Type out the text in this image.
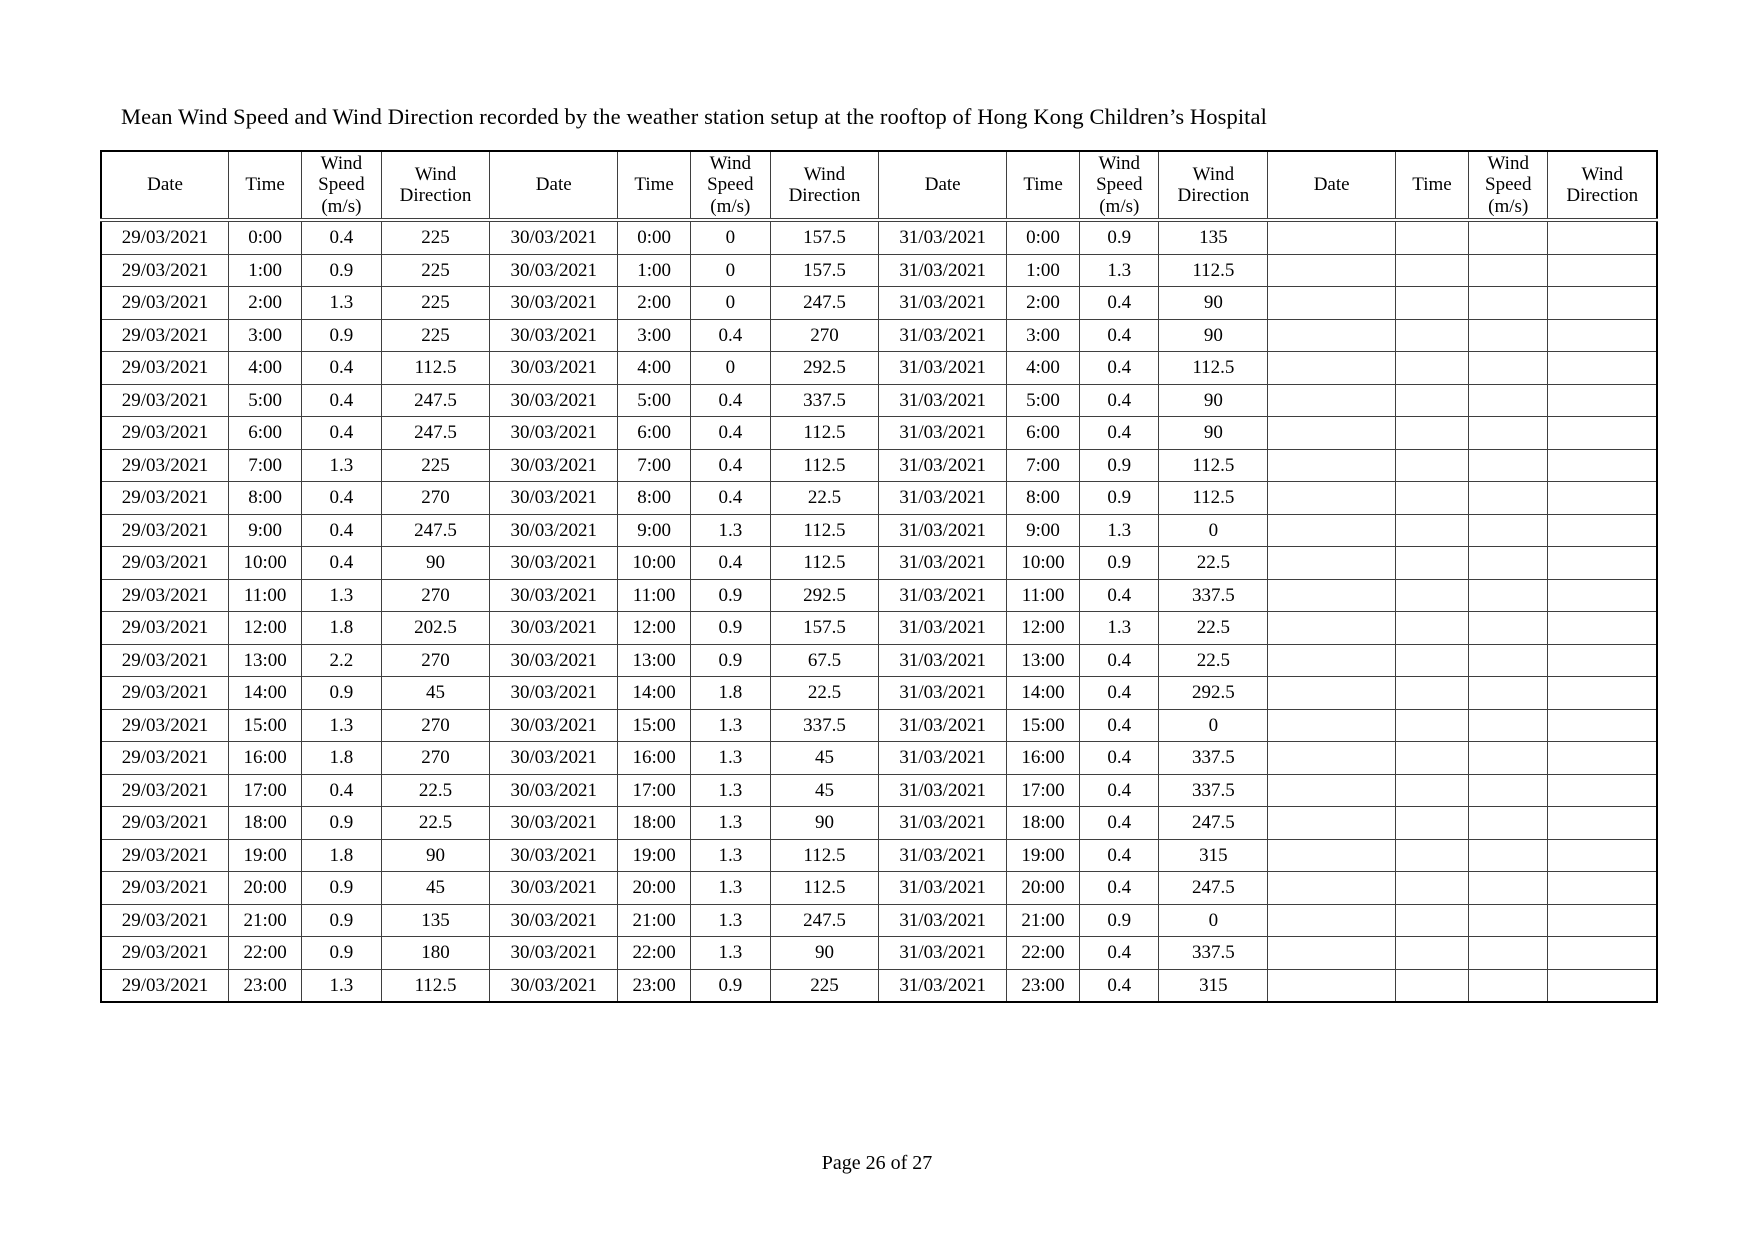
Mean Wind Speed and Wind Direction recorded by the weather station setup at the rooftop of Hong Kong Children’s Hospital
Date	Time	Wind Speed (m/s)	Wind Direction	Date	Time	Wind Speed (m/s)	Wind Direction	Date	Time	Wind Speed (m/s)	Wind Direction	Date	Time	Wind Speed (m/s)	Wind Direction
29/03/2021	0:00	0.4	225	30/03/2021	0:00	0	157.5	31/03/2021	0:00	0.9	135				
29/03/2021	1:00	0.9	225	30/03/2021	1:00	0	157.5	31/03/2021	1:00	1.3	112.5				
29/03/2021	2:00	1.3	225	30/03/2021	2:00	0	247.5	31/03/2021	2:00	0.4	90				
29/03/2021	3:00	0.9	225	30/03/2021	3:00	0.4	270	31/03/2021	3:00	0.4	90				
29/03/2021	4:00	0.4	112.5	30/03/2021	4:00	0	292.5	31/03/2021	4:00	0.4	112.5				
29/03/2021	5:00	0.4	247.5	30/03/2021	5:00	0.4	337.5	31/03/2021	5:00	0.4	90				
29/03/2021	6:00	0.4	247.5	30/03/2021	6:00	0.4	112.5	31/03/2021	6:00	0.4	90				
29/03/2021	7:00	1.3	225	30/03/2021	7:00	0.4	112.5	31/03/2021	7:00	0.9	112.5				
29/03/2021	8:00	0.4	270	30/03/2021	8:00	0.4	22.5	31/03/2021	8:00	0.9	112.5				
29/03/2021	9:00	0.4	247.5	30/03/2021	9:00	1.3	112.5	31/03/2021	9:00	1.3	0				
29/03/2021	10:00	0.4	90	30/03/2021	10:00	0.4	112.5	31/03/2021	10:00	0.9	22.5				
29/03/2021	11:00	1.3	270	30/03/2021	11:00	0.9	292.5	31/03/2021	11:00	0.4	337.5				
29/03/2021	12:00	1.8	202.5	30/03/2021	12:00	0.9	157.5	31/03/2021	12:00	1.3	22.5				
29/03/2021	13:00	2.2	270	30/03/2021	13:00	0.9	67.5	31/03/2021	13:00	0.4	22.5				
29/03/2021	14:00	0.9	45	30/03/2021	14:00	1.8	22.5	31/03/2021	14:00	0.4	292.5				
29/03/2021	15:00	1.3	270	30/03/2021	15:00	1.3	337.5	31/03/2021	15:00	0.4	0				
29/03/2021	16:00	1.8	270	30/03/2021	16:00	1.3	45	31/03/2021	16:00	0.4	337.5				
29/03/2021	17:00	0.4	22.5	30/03/2021	17:00	1.3	45	31/03/2021	17:00	0.4	337.5				
29/03/2021	18:00	0.9	22.5	30/03/2021	18:00	1.3	90	31/03/2021	18:00	0.4	247.5				
29/03/2021	19:00	1.8	90	30/03/2021	19:00	1.3	112.5	31/03/2021	19:00	0.4	315				
29/03/2021	20:00	0.9	45	30/03/2021	20:00	1.3	112.5	31/03/2021	20:00	0.4	247.5				
29/03/2021	21:00	0.9	135	30/03/2021	21:00	1.3	247.5	31/03/2021	21:00	0.9	0				
29/03/2021	22:00	0.9	180	30/03/2021	22:00	1.3	90	31/03/2021	22:00	0.4	337.5				
29/03/2021	23:00	1.3	112.5	30/03/2021	23:00	0.9	225	31/03/2021	23:00	0.4	315				
Page 26 of 27
